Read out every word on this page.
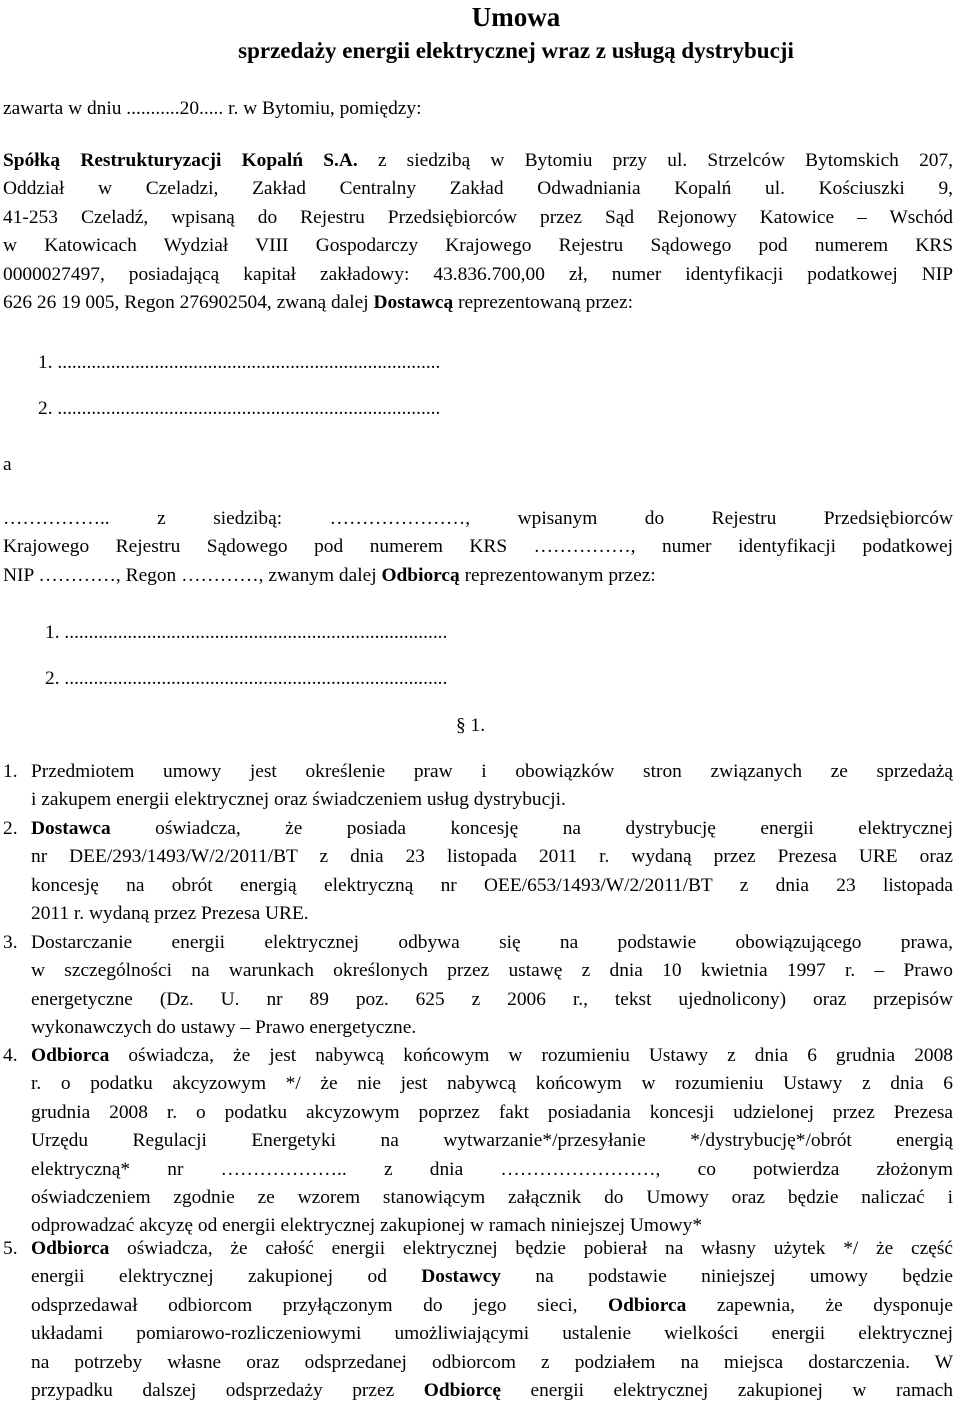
Umowa
sprzedaży energii elektrycznej wraz z usługą dystrybucji
zawarta w dniu ...........20..... r. w Bytomiu, pomiędzy:
Spółką Restrukturyzacji Kopalń S.A. z siedzibą w Bytomiu przy ul. Strzelców Bytomskich 207,
Oddział w Czeladzi, Zakład Centralny Zakład Odwadniania Kopalń ul. Kościuszki 9,
41-253 Czeladź, wpisaną do Rejestru Przedsiębiorców przez Sąd Rejonowy Katowice – Wschód
w Katowicach Wydział VIII Gospodarczy Krajowego Rejestru Sądowego pod numerem KRS
0000027497, posiadającą kapitał zakładowy: 43.836.700,00 zł, numer identyfikacji podatkowej NIP
626 26 19 005, Regon 276902504, zwaną dalej Dostawcą reprezentowaną przez:
1. ...............................................................................
2. ...............................................................................
a
…………….. z siedzibą: …………………, wpisanym do Rejestru Przedsiębiorców
Krajowego Rejestru Sądowego pod numerem KRS ……………, numer identyfikacji podatkowej
NIP …………, Regon …………, zwanym dalej Odbiorcą reprezentowanym przez:
1. ...............................................................................
2. ...............................................................................
§ 1.
1. Przedmiotem umowy jest określenie praw i obowiązków stron związanych ze sprzedażą
i zakupem energii elektrycznej oraz świadczeniem usług dystrybucji.
2. Dostawca oświadcza, że posiada koncesję na dystrybucję energii elektrycznej
nr DEE/293/1493/W/2/2011/BT z dnia 23 listopada 2011 r. wydaną przez Prezesa URE oraz
koncesję na obrót energią elektryczną nr OEE/653/1493/W/2/2011/BT z dnia 23 listopada
2011 r. wydaną przez Prezesa URE.
3. Dostarczanie energii elektrycznej odbywa się na podstawie obowiązującego prawa,
w szczególności na warunkach określonych przez ustawę z dnia 10 kwietnia 1997 r. – Prawo
energetyczne (Dz. U. nr 89 poz. 625 z 2006 r., tekst ujednolicony) oraz przepisów
wykonawczych do ustawy – Prawo energetyczne.
4. Odbiorca oświadcza, że jest nabywcą końcowym w rozumieniu Ustawy z dnia 6 grudnia 2008
r. o podatku akcyzowym */ że nie jest nabywcą końcowym w rozumieniu Ustawy z dnia 6
grudnia 2008 r. o podatku akcyzowym poprzez fakt posiadania koncesji udzielonej przez Prezesa
Urzędu Regulacji Energetyki na wytwarzanie*/przesyłanie */dystrybucję*/obrót energią
elektryczną* nr ……………….. z dnia ……………………, co potwierdza złożonym
oświadczeniem zgodnie ze wzorem stanowiącym załącznik do Umowy oraz będzie naliczać i
odprowadzać akcyzę od energii elektrycznej zakupionej w ramach niniejszej Umowy*
5. Odbiorca oświadcza, że całość energii elektrycznej będzie pobierał na własny użytek */ że część
energii elektrycznej zakupionej od Dostawcy na podstawie niniejszej umowy będzie
odsprzedawał odbiorcom przyłączonym do jego sieci, Odbiorca zapewnia, że dysponuje
układami pomiarowo-rozliczeniowymi umożliwiającymi ustalenie wielkości energii elektrycznej
na potrzeby własne oraz odsprzedanej odbiorcom z podziałem na miejsca dostarczenia. W
przypadku dalszej odsprzedaży przez Odbiorcę energii elektrycznej zakupionej w ramach
